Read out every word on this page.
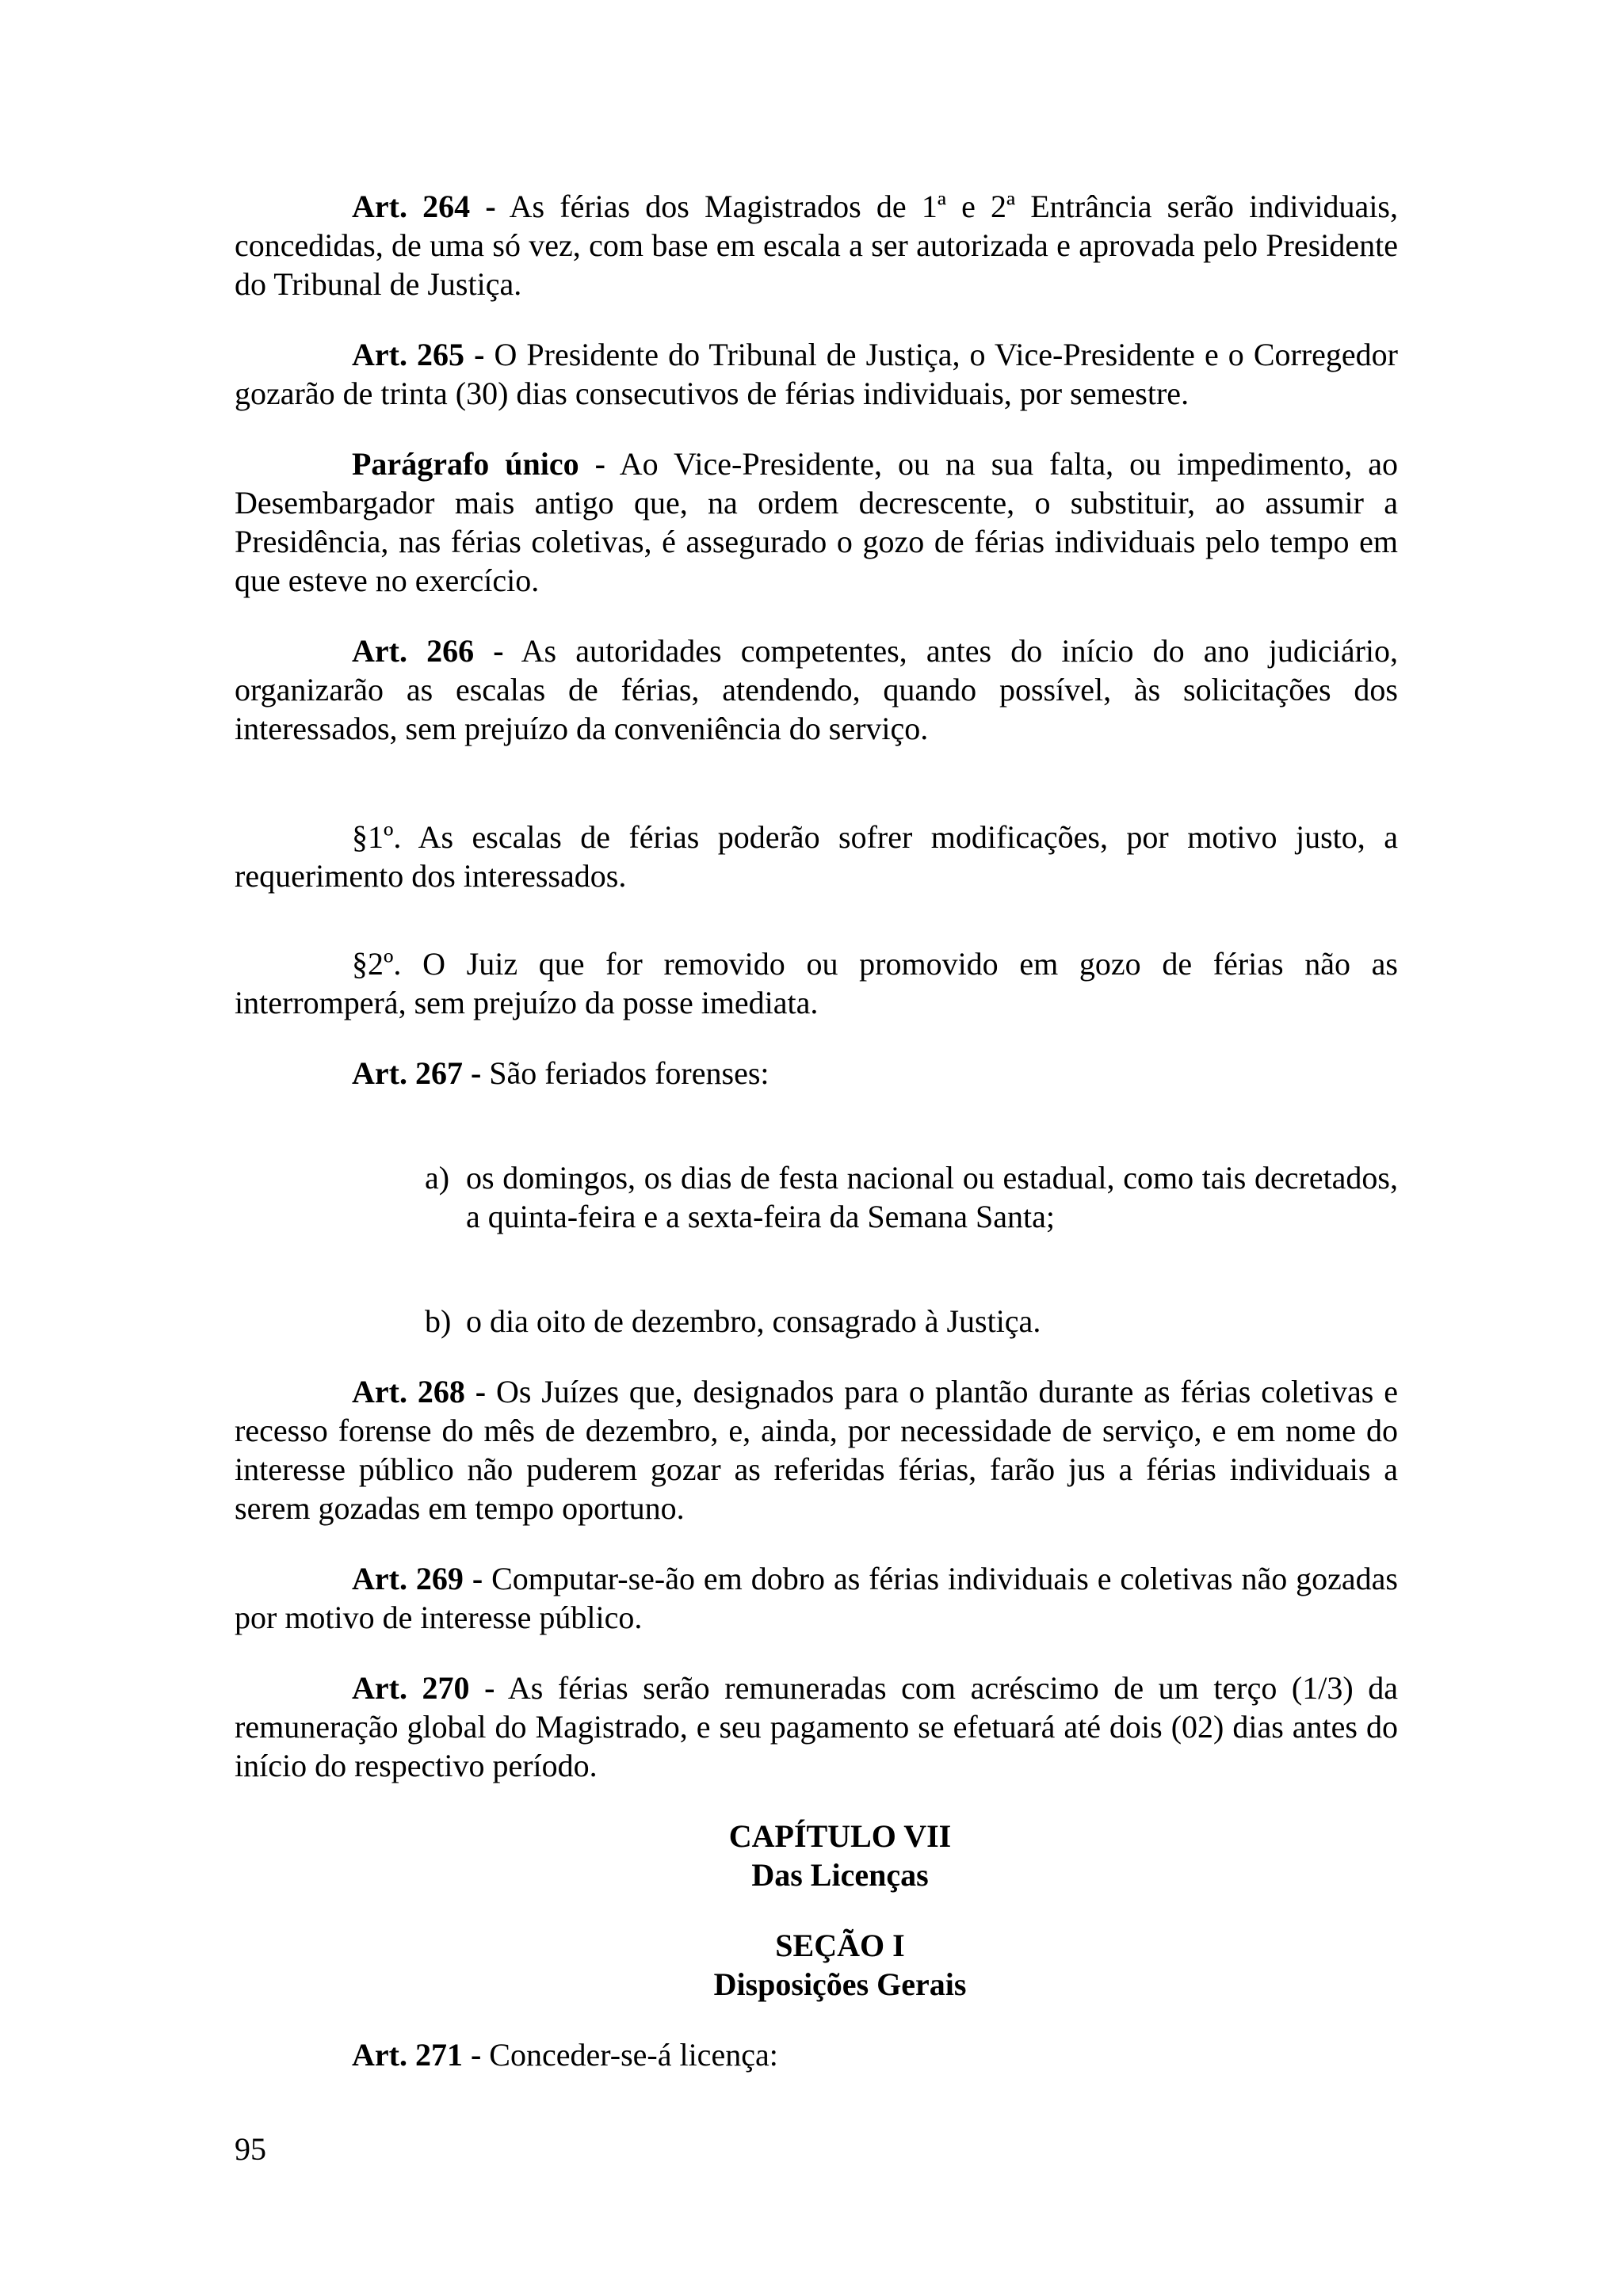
Art. 264 - As férias dos Magistrados de 1ª e 2ª Entrância serão individuais, concedidas, de uma só vez, com base em escala a ser autorizada e aprovada pelo Presidente do Tribunal de Justiça.

Art. 265 - O Presidente do Tribunal de Justiça, o Vice-Presidente e o Corregedor gozarão de trinta (30) dias consecutivos de férias individuais, por semestre.

Parágrafo único - Ao Vice-Presidente, ou na sua falta, ou impedimento, ao Desembargador mais antigo que, na ordem decrescente, o substituir, ao assumir a Presidência, nas férias coletivas, é assegurado o gozo de férias individuais pelo tempo em que esteve no exercício.

Art. 266 - As autoridades competentes, antes do início do ano judiciário, organizarão as escalas de férias, atendendo, quando possível, às solicitações dos interessados, sem prejuízo da conveniência do serviço.

§1º. As escalas de férias poderão sofrer modificações, por motivo justo, a requerimento dos interessados.

§2º. O Juiz que for removido ou promovido em gozo de férias não as interromperá, sem prejuízo da posse imediata.

Art. 267 - São feriados forenses:

a) os domingos, os dias de festa nacional ou estadual, como tais decretados, a quinta-feira e a sexta-feira da Semana Santa;
b) o dia oito de dezembro, consagrado à Justiça.

Art. 268 - Os Juízes que, designados para o plantão durante as férias coletivas e recesso forense do mês de dezembro, e, ainda, por necessidade de serviço, e em nome do interesse público não puderem gozar as referidas férias, farão jus a férias individuais a serem gozadas em tempo oportuno.

Art. 269 - Computar-se-ão em dobro as férias individuais e coletivas não gozadas por motivo de interesse público.

Art. 270 - As férias serão remuneradas com acréscimo de um terço (1/3) da remuneração global do Magistrado, e seu pagamento se efetuará até dois (02) dias antes do início do respectivo período.

CAPÍTULO VII

Das Licenças

SEÇÃO I

Disposições Gerais

Art. 271 - Conceder-se-á licença:

95
